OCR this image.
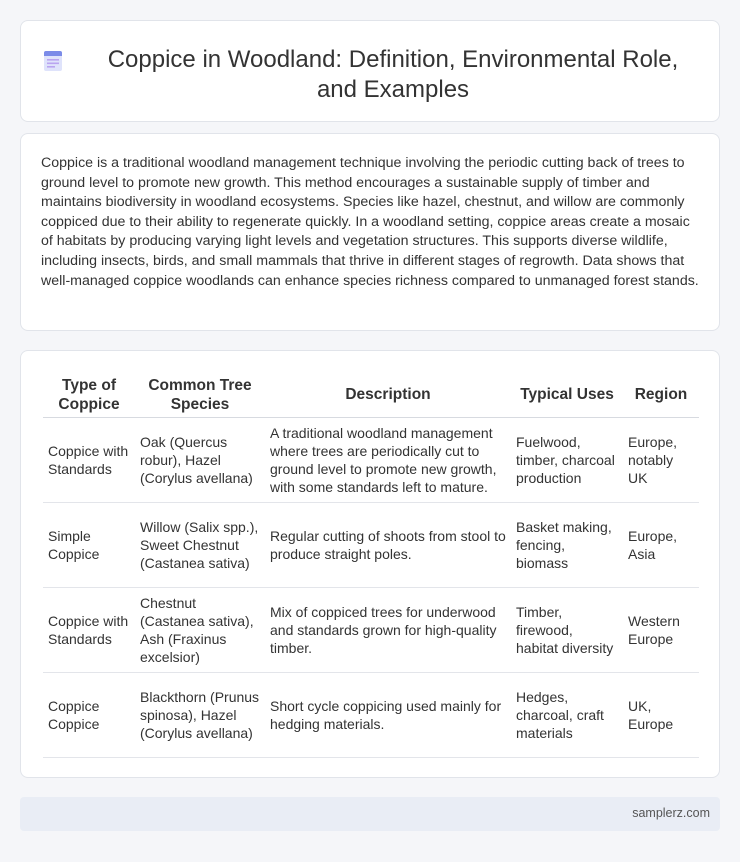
Coppice in Woodland: Definition, Environmental Role, and Examples

Coppice is a traditional woodland management technique involving the periodic cutting back of trees to ground level to promote new growth. This method encourages a sustainable supply of timber and maintains biodiversity in woodland ecosystems. Species like hazel, chestnut, and willow are commonly coppiced due to their ability to regenerate quickly. In a woodland setting, coppice areas create a mosaic of habitats by producing varying light levels and vegetation structures. This supports diverse wildlife, including insects, birds, and small mammals that thrive in different stages of regrowth. Data shows that well-managed coppice woodlands can enhance species richness compared to unmanaged forest stands.

Type of Coppice	Common Tree Species	Description	Typical Uses	Region
Coppice with Standards	Oak (Quercus robur), Hazel (Corylus avellana)	A traditional woodland management where trees are periodically cut to ground level to promote new growth, with some standards left to mature.	Fuelwood, timber, charcoal production	Europe, notably UK
Simple Coppice	Willow (Salix spp.), Sweet Chestnut (Castanea sativa)	Regular cutting of shoots from stool to produce straight poles.	Basket making, fencing, biomass	Europe, Asia
Coppice with Standards	Chestnut (Castanea sativa), Ash (Fraxinus excelsior)	Mix of coppiced trees for underwood and standards grown for high-quality timber.	Timber, firewood, habitat diversity	Western Europe
Coppice Coppice	Blackthorn (Prunus spinosa), Hazel (Corylus avellana)	Short cycle coppicing used mainly for hedging materials.	Hedges, charcoal, craft materials	UK, Europe
samplerz.com
